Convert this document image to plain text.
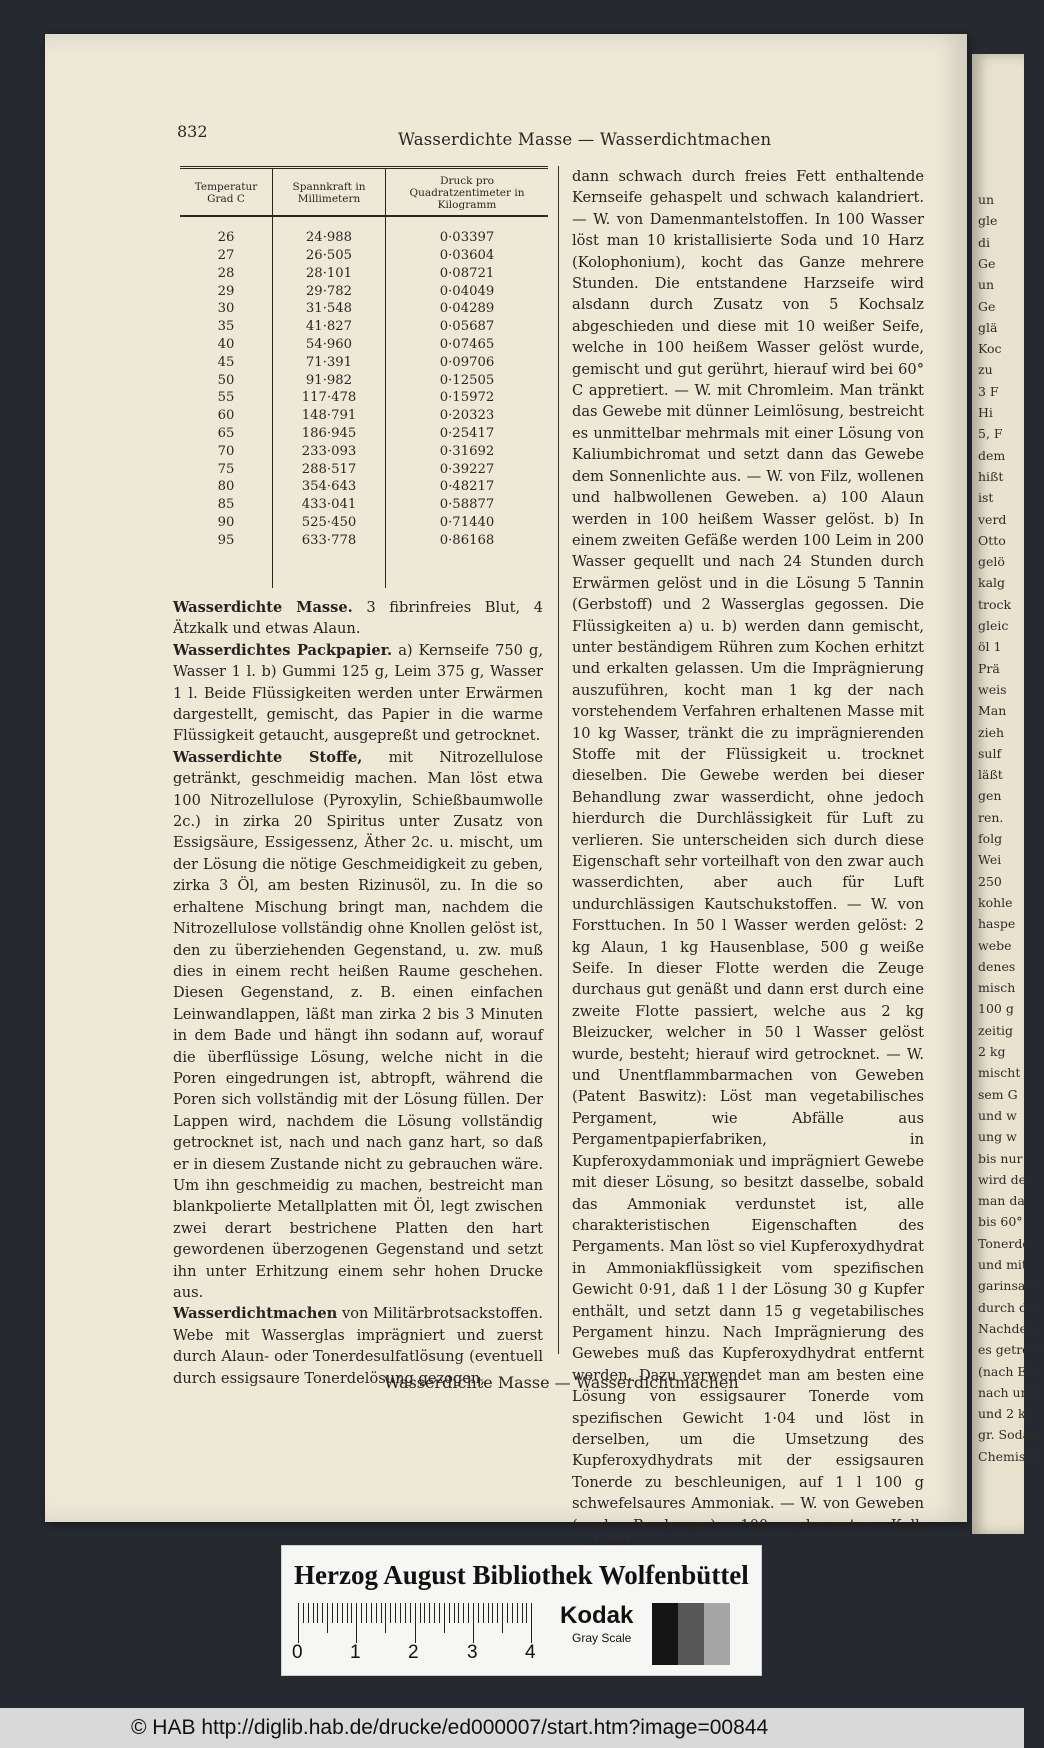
un
gle
di
Ge
un
Ge
glä
Koc
zu
3 F
Hi
5, F
dem
hißt
ist
verd
Otto
gelö
kalg
trock
gleic
öl 1
Prä
weis
Man
zieh
sulf
läßt
gen
ren.
folg
Wei
250
kohle
haspe
webe
denes
misch
100 g
zeitig
2 kg
mischt
sem G
und w
ung w
bis nur
wird de
man da
bis 60°
Tonerde,
und mit
garinsaur
durch da
Nachdem
es getrock
(nach Eh
nach und
und 2 kg
gr. Sodan
Chemisch
832	Wasserdichte Masse — Wasserdichtmachen
Temperatur Grad C	Spannkraft in Millimetern	Druck pro Quadratzentimeter in Kilogramm

26	24·988	0·03397
27	26·505	0·03604
28	28·101	0·08721
29	29·782	0·04049
30	31·548	0·04289
35	41·827	0·05687
40	54·960	0·07465
45	71·391	0·09706
50	91·982	0·12505
55	117·478	0·15972
60	148·791	0·20323
65	186·945	0·25417
70	233·093	0·31692
75	288·517	0·39227
80	354·643	0·48217
85	433·041	0·58877
90	525·450	0·71440
95	633·778	0·86168

Wasserdichte Masse. 3 fibrinfreies Blut, 4 Ätzkalk und etwas Alaun.

Wasserdichtes Packpapier. a) Kernseife 750 g, Wasser 1 l. b) Gummi 125 g, Leim 375 g, Wasser 1 l. Beide Flüssigkeiten werden unter Erwärmen dargestellt, gemischt, das Papier in die warme Flüssigkeit getaucht, ausgepreßt und getrocknet.

Wasserdichte Stoffe, mit Nitrozellulose getränkt, geschmeidig machen. Man löst etwa 100 Nitrozellulose (Pyroxylin, Schießbaumwolle 2c.) in zirka 20 Spiritus unter Zusatz von Essigsäure, Essigessenz, Äther 2c. u. mischt, um der Lösung die nötige Geschmeidigkeit zu geben, zirka 3 Öl, am besten Rizinusöl, zu. In die so erhaltene Mischung bringt man, nachdem die Nitrozellulose vollständig ohne Knollen gelöst ist, den zu überziehenden Gegenstand, u. zw. muß dies in einem recht heißen Raume geschehen. Diesen Gegenstand, z. B. einen einfachen Leinwandlappen, läßt man zirka 2 bis 3 Minuten in dem Bade und hängt ihn sodann auf, worauf die überflüssige Lösung, welche nicht in die Poren eingedrungen ist, abtropft, während die Poren sich vollständig mit der Lösung füllen. Der Lappen wird, nachdem die Lösung vollständig getrocknet ist, nach und nach ganz hart, so daß er in diesem Zustande nicht zu gebrauchen wäre. Um ihn geschmeidig zu machen, bestreicht man blankpolierte Metallplatten mit Öl, legt zwischen zwei derart bestrichene Platten den hart gewordenen überzogenen Gegenstand und setzt ihn unter Erhitzung einem sehr hohen Drucke aus.

Wasserdichtmachen von Militärbrotsackstoffen. Webe mit Wasserglas imprägniert und zuerst durch Alaun- oder Tonerdesulfatlösung (eventuell durch essigsaure Tonerdelösung gezogen,

dann schwach durch freies Fett enthaltende Kernseife gehaspelt und schwach kalandriert. — W. von Damenmantelstoffen. In 100 Wasser löst man 10 kristallisierte Soda und 10 Harz (Kolophonium), kocht das Ganze mehrere Stunden. Die entstandene Harzseife wird alsdann durch Zusatz von 5 Kochsalz abgeschieden und diese mit 10 weißer Seife, welche in 100 heißem Wasser gelöst wurde, gemischt und gut gerührt, hierauf wird bei 60° C appretiert. — W. mit Chromleim. Man tränkt das Gewebe mit dünner Leimlösung, bestreicht es unmittelbar mehrmals mit einer Lösung von Kaliumbichromat und setzt dann das Gewebe dem Sonnenlichte aus. — W. von Filz, wollenen und halbwollenen Geweben. a) 100 Alaun werden in 100 heißem Wasser gelöst. b) In einem zweiten Gefäße werden 100 Leim in 200 Wasser gequellt und nach 24 Stunden durch Erwärmen gelöst und in die Lösung 5 Tannin (Gerbstoff) und 2 Wasserglas gegossen. Die Flüssigkeiten a) u. b) werden dann gemischt, unter beständigem Rühren zum Kochen erhitzt und erkalten gelassen. Um die Imprägnierung auszuführen, kocht man 1 kg der nach vorstehendem Verfahren erhaltenen Masse mit 10 kg Wasser, tränkt die zu imprägnierenden Stoffe mit der Flüssigkeit u. trocknet dieselben. Die Gewebe werden bei dieser Behandlung zwar wasserdicht, ohne jedoch hierdurch die Durchlässigkeit für Luft zu verlieren. Sie unterscheiden sich durch diese Eigenschaft sehr vorteilhaft von den zwar auch wasserdichten, aber auch für Luft undurchlässigen Kautschukstoffen. — W. von Forsttuchen. In 50 l Wasser werden gelöst: 2 kg Alaun, 1 kg Hausenblase, 500 g weiße Seife. In dieser Flotte werden die Zeuge durchaus gut genäßt und dann erst durch eine zweite Flotte passiert, welche aus 2 kg Bleizucker, welcher in 50 l Wasser gelöst wurde, besteht; hierauf wird getrocknet. — W. und Unentflammbarmachen von Geweben (Patent Baswitz): Löst man vegetabilisches Pergament, wie Abfälle aus Pergamentpapierfabriken, in Kupferoxydammoniak und imprägniert Gewebe mit dieser Lösung, so besitzt dasselbe, sobald das Ammoniak verdunstet ist, alle charakteristischen Eigenschaften des Pergaments. Man löst so viel Kupferoxydhydrat in Ammoniakflüssigkeit vom spezifischen Gewicht 0·91, daß 1 l der Lösung 30 g Kupfer enthält, und setzt dann 15 g vegetabilisches Pergament hinzu. Nach Imprägnierung des Gewebes muß das Kupferoxydhydrat entfernt werden. Dazu verwendet man am besten eine Lösung von essigsaurer Tonerde vom spezifischen Gewicht 1·04 und löst in derselben, um die Umsetzung des Kupferoxydhydrats mit der essigsauren Tonerde zu beschleunigen, auf 1 l 100 g schwefelsaures Ammoniak. — W. von Geweben (nach Brodmann). 100 gebrannter Kalk

Wasserdichte Masse — Wasserdichtmachen
Herzog August Bibliothek Wolfenbüttel
0 1 2	3 4
Kodak
Gray Scale
© HAB http://diglib.hab.de/drucke/ed000007/start.htm?image=00844
